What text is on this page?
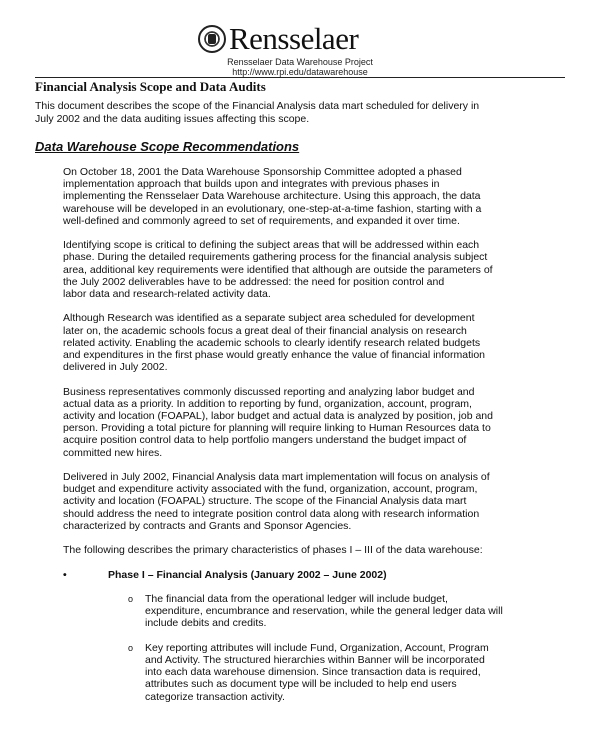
Rensselaer
Rensselaer Data Warehouse Project
http://www.rpi.edu/datawarehouse
Financial Analysis Scope and Data Audits
This document describes the scope of the Financial Analysis data mart scheduled for delivery in
July 2002 and the data auditing issues affecting this scope.
Data Warehouse Scope Recommendations

On October 18, 2001 the Data Warehouse Sponsorship Committee adopted a phased
implementation approach that builds upon and integrates with previous phases in
implementing the Rensselaer Data Warehouse architecture. Using this approach, the data
warehouse will be developed in an evolutionary, one-step-at-a-time fashion, starting with a
well-defined and commonly agreed to set of requirements, and expanded it over time.

Identifying scope is critical to defining the subject areas that will be addressed within each
phase. During the detailed requirements gathering process for the financial analysis subject
area, additional key requirements were identified that although are outside the parameters of
the July 2002 deliverables have to be addressed: the need for position control and
labor data and research-related activity data.

Although Research was identified as a separate subject area scheduled for development
later on, the academic schools focus a great deal of their financial analysis on research
related activity. Enabling the academic schools to clearly identify research related budgets
and expenditures in the first phase would greatly enhance the value of financial information
delivered in July 2002.

Business representatives commonly discussed reporting and analyzing labor budget and
actual data as a priority. In addition to reporting by fund, organization, account, program,
activity and location (FOAPAL), labor budget and actual data is analyzed by position, job and
person. Providing a total picture for planning will require linking to Human Resources data to
acquire position control data to help portfolio mangers understand the budget impact of
committed new hires.

Delivered in July 2002, Financial Analysis data mart implementation will focus on analysis of
budget and expenditure activity associated with the fund, organization, account, program,
activity and location (FOAPAL) structure. The scope of the Financial Analysis data mart
should address the need to integrate position control data along with research information
characterized by contracts and Grants and Sponsor Agencies.

The following describes the primary characteristics of phases I – III of the data warehouse:

•	Phase I – Financial Analysis (January 2002 – June 2002)
o The financial data from the operational ledger will include budget,
expenditure, encumbrance and reservation, while the general ledger data will
include debits and credits.
o Key reporting attributes will include Fund, Organization, Account, Program
and Activity. The structured hierarchies within Banner will be incorporated
into each data warehouse dimension. Since transaction data is required,
attributes such as document type will be included to help end users
categorize transaction activity.
